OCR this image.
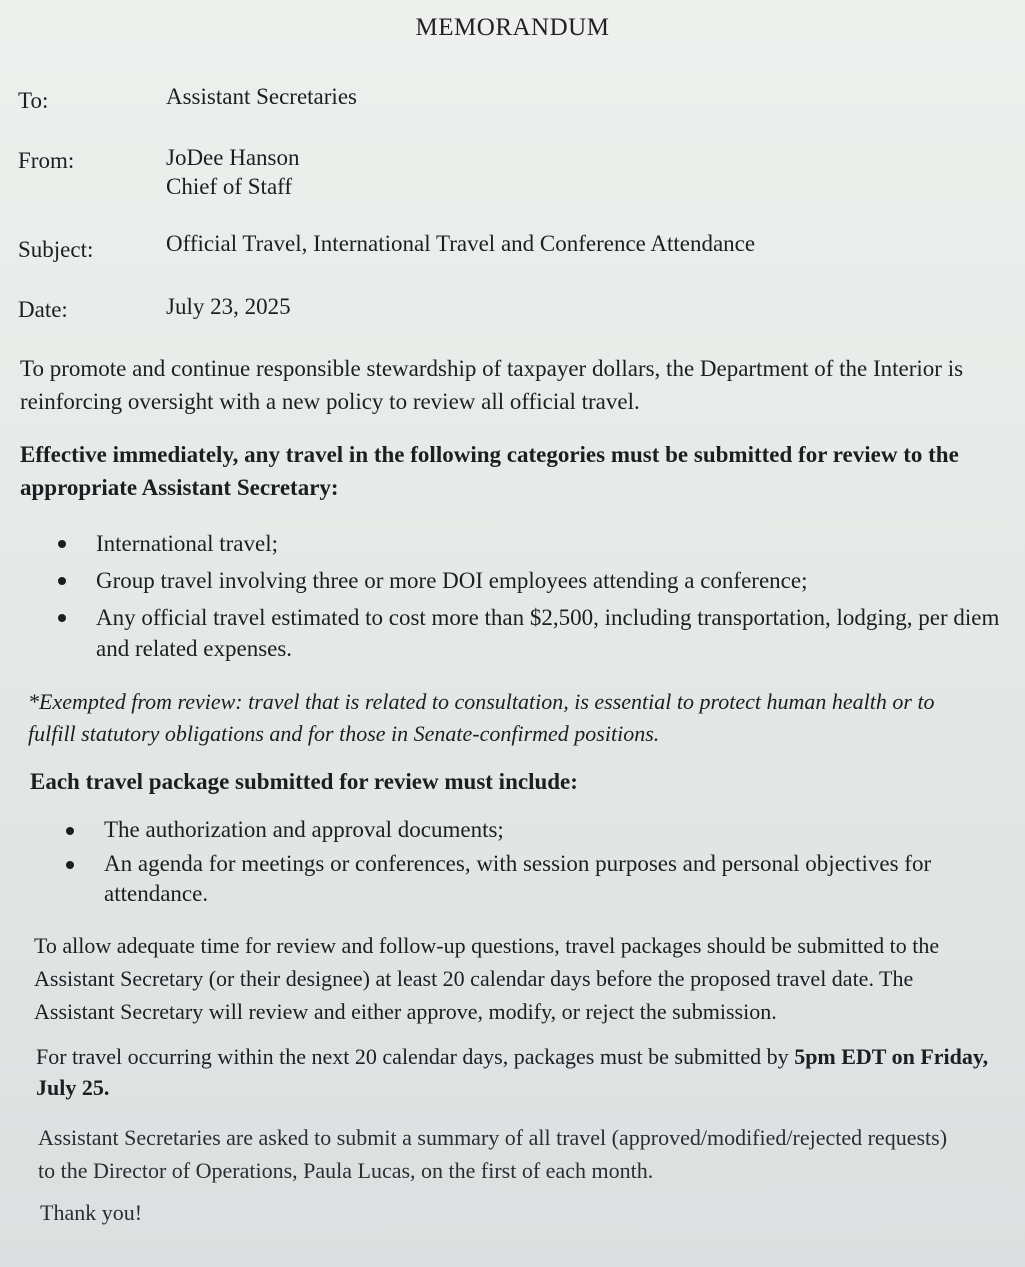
MEMORANDUM
To:	Assistant Secretaries
From:	JoDee Hanson
Chief of Staff
Subject:	Official Travel, International Travel and Conference Attendance
Date:	July 23, 2025

To promote and continue responsible stewardship of taxpayer dollars, the Department of the Interior is reinforcing oversight with a new policy to review all official travel.

Effective immediately, any travel in the following categories must be submitted for review to the appropriate Assistant Secretary:

International travel;
Group travel involving three or more DOI employees attending a conference;
Any official travel estimated to cost more than $2,500, including transportation, lodging, per diem and related expenses.

*Exempted from review: travel that is related to consultation, is essential to protect human health or to fulfill statutory obligations and for those in Senate-confirmed positions.

Each travel package submitted for review must include:

The authorization and approval documents;
An agenda for meetings or conferences, with session purposes and personal objectives for attendance.

To allow adequate time for review and follow-up questions, travel packages should be submitted to the Assistant Secretary (or their designee) at least 20 calendar days before the proposed travel date. The Assistant Secretary will review and either approve, modify, or reject the submission.

For travel occurring within the next 20 calendar days, packages must be submitted by 5pm EDT on Friday, July 25.

Assistant Secretaries are asked to submit a summary of all travel (approved/modified/rejected requests) to the Director of Operations, Paula Lucas, on the first of each month.

Thank you!
